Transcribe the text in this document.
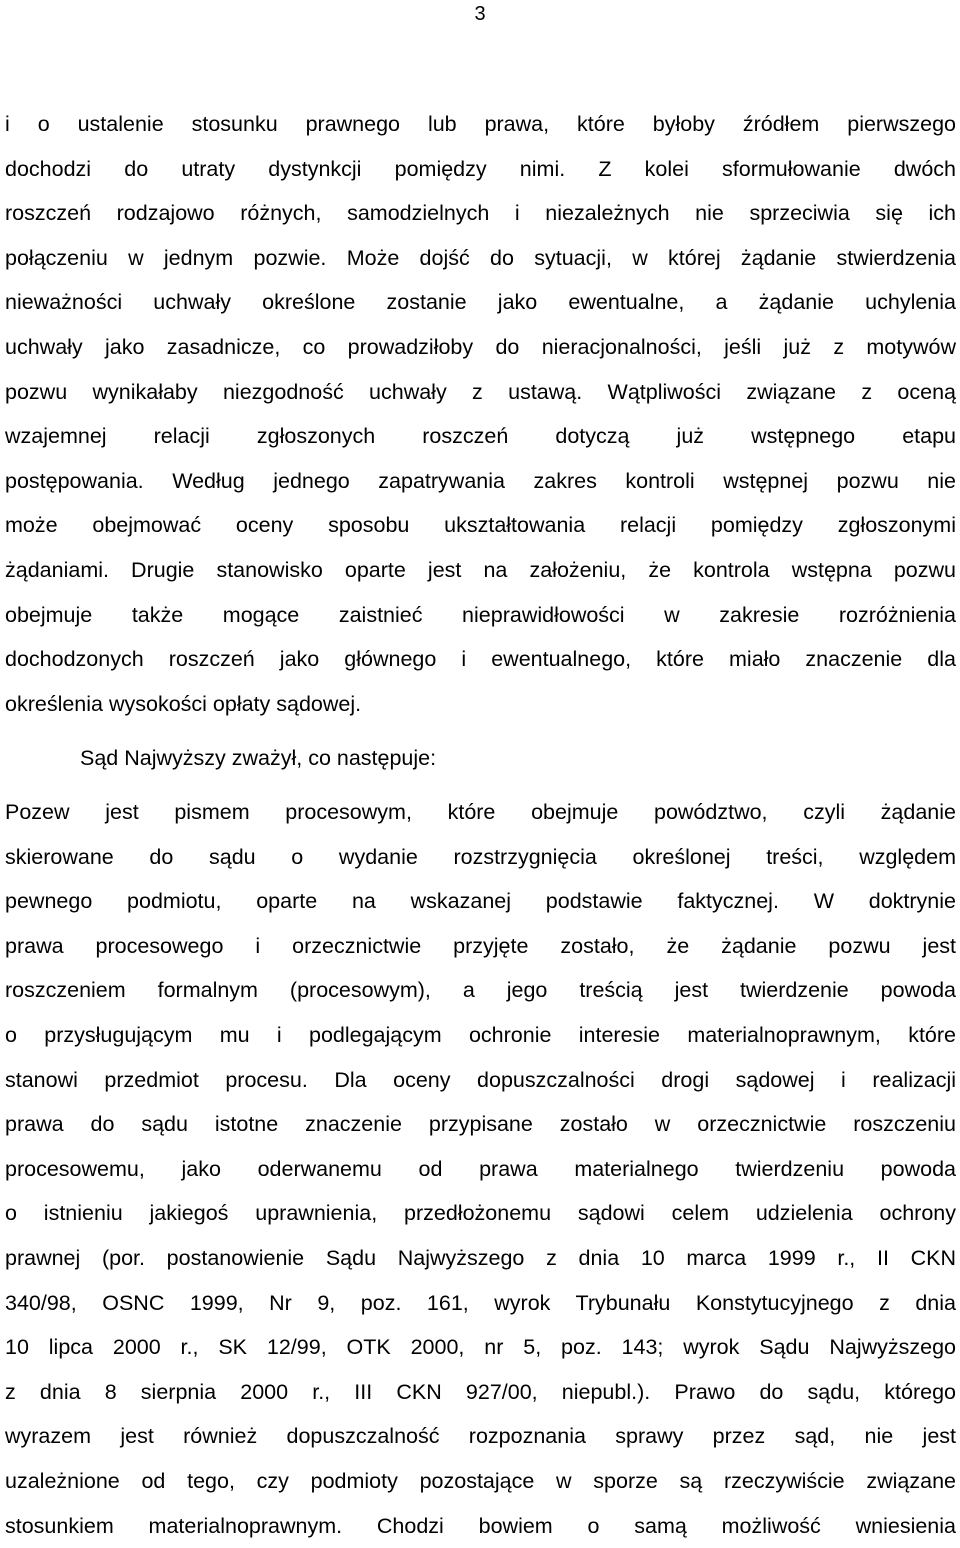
3
i o ustalenie stosunku prawnego lub prawa, które byłoby źródłem pierwszego
dochodzi do utraty dystynkcji pomiędzy nimi. Z kolei sformułowanie dwóch
roszczeń rodzajowo różnych, samodzielnych i niezależnych nie sprzeciwia się ich
połączeniu w jednym pozwie. Może dojść do sytuacji, w której żądanie stwierdzenia
nieważności uchwały określone zostanie jako ewentualne, a żądanie uchylenia
uchwały jako zasadnicze, co prowadziłoby do nieracjonalności, jeśli już z motywów
pozwu wynikałaby niezgodność uchwały z ustawą. Wątpliwości związane z oceną
wzajemnej relacji zgłoszonych roszczeń dotyczą już wstępnego etapu
postępowania. Według jednego zapatrywania zakres kontroli wstępnej pozwu nie
może obejmować oceny sposobu ukształtowania relacji pomiędzy zgłoszonymi
żądaniami. Drugie stanowisko oparte jest na założeniu, że kontrola wstępna pozwu
obejmuje także mogące zaistnieć nieprawidłowości w zakresie rozróżnienia
dochodzonych roszczeń jako głównego i ewentualnego, które miało znaczenie dla
określenia wysokości opłaty sądowej.
Sąd Najwyższy zważył, co następuje:
Pozew jest pismem procesowym, które obejmuje powództwo, czyli żądanie
skierowane do sądu o wydanie rozstrzygnięcia określonej treści, względem
pewnego podmiotu, oparte na wskazanej podstawie faktycznej. W doktrynie
prawa procesowego i orzecznictwie przyjęte zostało, że żądanie pozwu jest
roszczeniem formalnym (procesowym), a jego treścią jest twierdzenie powoda
o przysługującym mu i podlegającym ochronie interesie materialnoprawnym, które
stanowi przedmiot procesu. Dla oceny dopuszczalności drogi sądowej i realizacji
prawa do sądu istotne znaczenie przypisane zostało w orzecznictwie roszczeniu
procesowemu, jako oderwanemu od prawa materialnego twierdzeniu powoda
o istnieniu jakiegoś uprawnienia, przedłożonemu sądowi celem udzielenia ochrony
prawnej (por. postanowienie Sądu Najwyższego z dnia 10 marca 1999 r., II CKN
340/98, OSNC 1999, Nr 9, poz. 161, wyrok Trybunału Konstytucyjnego z dnia
10 lipca 2000 r., SK 12/99, OTK 2000, nr 5, poz. 143; wyrok Sądu Najwyższego
z dnia 8 sierpnia 2000 r., III CKN 927/00, niepubl.). Prawo do sądu, którego
wyrazem jest również dopuszczalność rozpoznania sprawy przez sąd, nie jest
uzależnione od tego, czy podmioty pozostające w sporze są rzeczywiście związane
stosunkiem materialnoprawnym. Chodzi bowiem o samą możliwość wniesienia
